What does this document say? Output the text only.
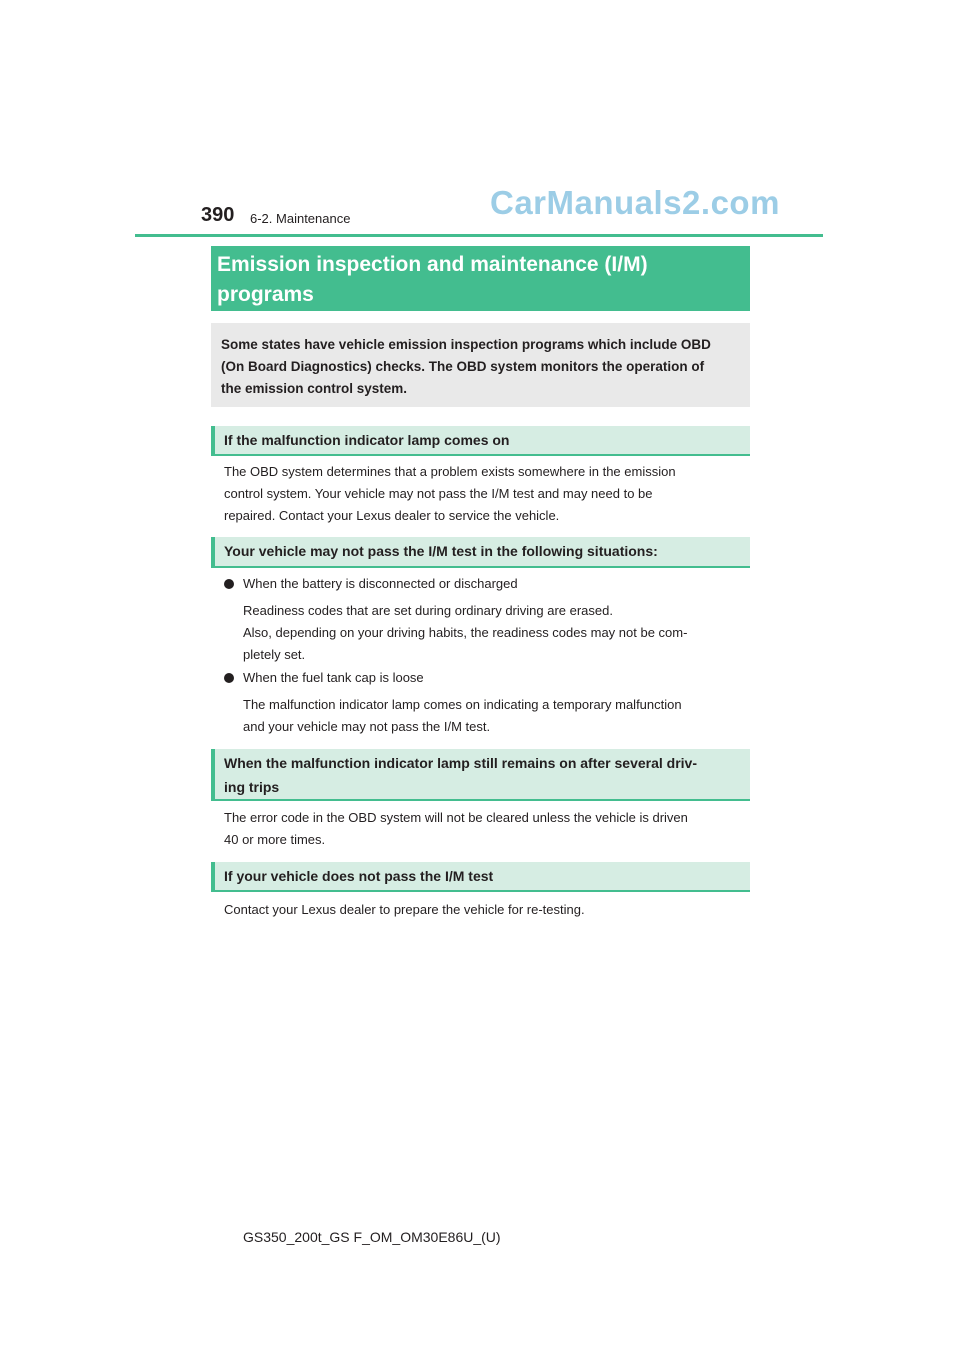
390 6-2. Maintenance	CarManuals2.com
Emission inspection and maintenance (I/M)
programs
Some states have vehicle emission inspection programs which include OBD
(On Board Diagnostics) checks. The OBD system monitors the operation of
the emission control system.
If the malfunction indicator lamp comes on
The OBD system determines that a problem exists somewhere in the emission
control system. Your vehicle may not pass the I/M test and may need to be
repaired. Contact your Lexus dealer to service the vehicle.
Your vehicle may not pass the I/M test in the following situations:
When the battery is disconnected or discharged
Readiness codes that are set during ordinary driving are erased.
Also, depending on your driving habits, the readiness codes may not be com-
pletely set.
When the fuel tank cap is loose
The malfunction indicator lamp comes on indicating a temporary malfunction
and your vehicle may not pass the I/M test.
When the malfunction indicator lamp still remains on after several driv-
ing trips
The error code in the OBD system will not be cleared unless the vehicle is driven
40 or more times.
If your vehicle does not pass the I/M test
Contact your Lexus dealer to prepare the vehicle for re-testing.
GS350_200t_GS F_OM_OM30E86U_(U)
